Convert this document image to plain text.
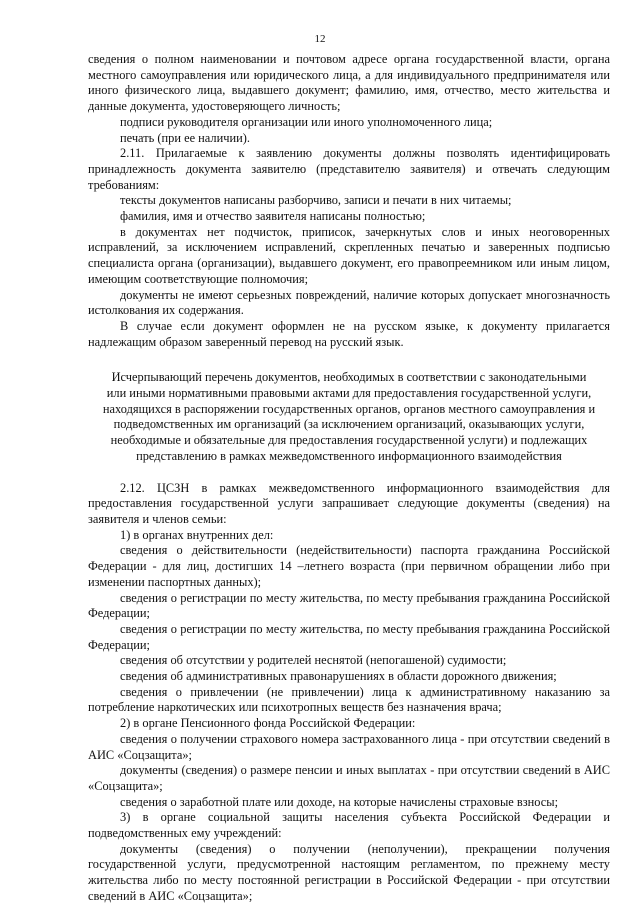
12

сведения о полном наименовании и почтовом адресе органа государственной власти, органа местного самоуправления или юридического лица, а для индивидуального предпринимателя или иного физического лица, выдавшего документ; фамилию, имя, отчество, место жительства и данные документа, удостоверяющего личность;

подписи руководителя организации или иного уполномоченного лица;

печать (при ее наличии).

2.11. Прилагаемые к заявлению документы должны позволять идентифицировать принадлежность документа заявителю (представителю заявителя) и отвечать следующим требованиям:

тексты документов написаны разборчиво, записи и печати в них читаемы;

фамилия, имя и отчество заявителя написаны полностью;

в документах нет подчисток, приписок, зачеркнутых слов и иных неоговоренных исправлений, за исключением исправлений, скрепленных печатью и заверенных подписью специалиста органа (организации), выдавшего документ, его правопреемником или иным лицом, имеющим соответствующие полномочия;

документы не имеют серьезных повреждений, наличие которых допускает многозначность истолкования их содержания.

В случае если документ оформлен не на русском языке, к документу прилагается надлежащим образом заверенный перевод на русский язык.

Исчерпывающий перечень документов, необходимых в соответствии с законодательными или иными нормативными правовыми актами для предоставления государственной услуги, находящихся в распоряжении государственных органов, органов местного самоуправления и подведомственных им организаций (за исключением организаций, оказывающих услуги, необходимые и обязательные для предоставления государственной услуги) и подлежащих представлению в рамках межведомственного информационного взаимодействия

2.12. ЦСЗН в рамках межведомственного информационного взаимодействия для предоставления государственной услуги запрашивает следующие документы (сведения) на заявителя и членов семьи:

1) в органах внутренних дел:

сведения о действительности (недействительности) паспорта гражданина Российской Федерации - для лиц, достигших 14 –летнего возраста (при первичном обращении либо при изменении паспортных данных);

сведения о регистрации по месту жительства, по месту пребывания гражданина Российской Федерации;

сведения о регистрации по месту жительства, по месту пребывания гражданина Российской Федерации;

сведения об отсутствии у родителей неснятой (непогашеной) судимости;

сведения об административных правонарушениях в области дорожного движения;

сведения о привлечении (не привлечении) лица к административному наказанию за потребление наркотических или психотропных веществ без назначения врача;

2) в органе Пенсионного фонда Российской Федерации:

сведения о получении страхового номера застрахованного лица - при отсутствии сведений в АИС «Соцзащита»;

документы (сведения) о размере пенсии и иных выплатах - при отсутствии сведений в АИС «Соцзащита»;

сведения о заработной плате или доходе, на которые начислены страховые взносы;

3) в органе социальной защиты населения субъекта Российской Федерации и подведомственных ему учреждений:

документы (сведения) о получении (неполучении), прекращении получения государственной услуги, предусмотренной настоящим регламентом, по прежнему месту жительства либо по месту постоянной регистрации в Российской Федерации - при отсутствии сведений в АИС «Соцзащита»;
